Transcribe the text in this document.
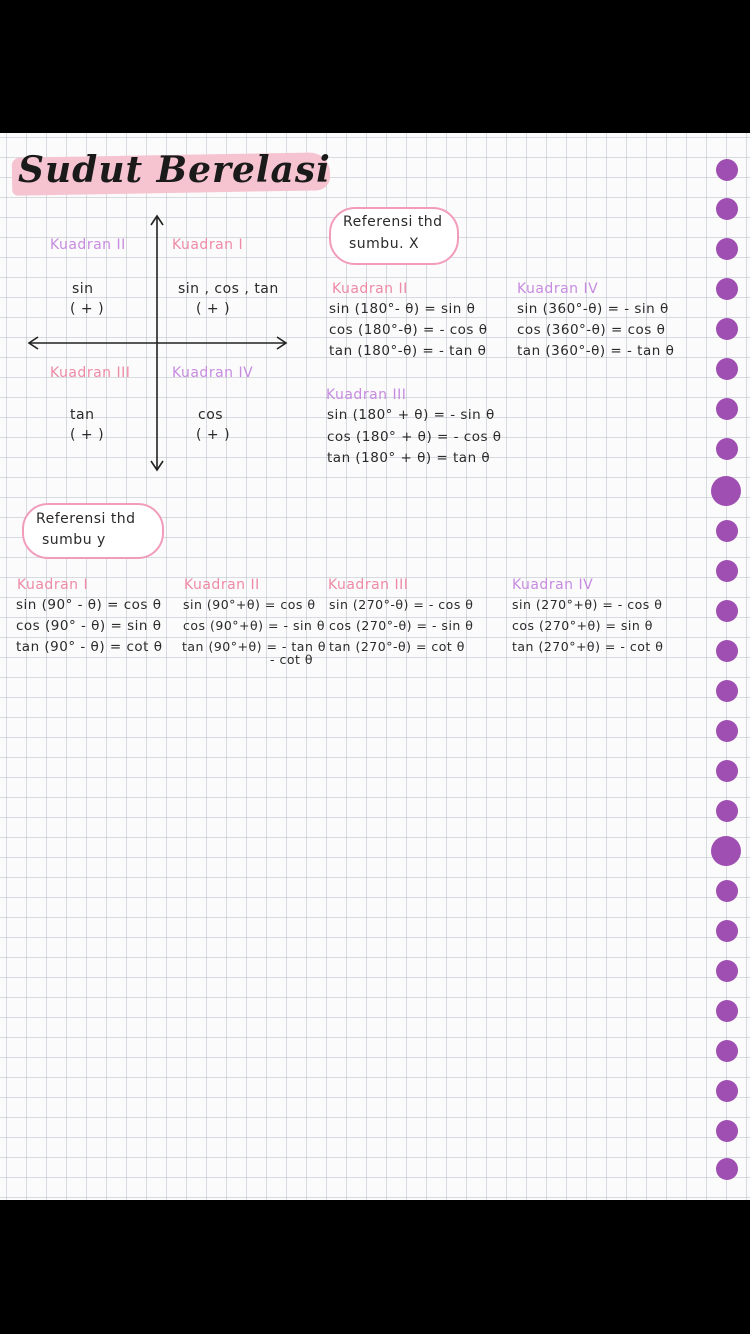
Sudut Berelasi
Kuadran II	Kuadran I
sin
( + )
sin , cos , tan
( + )
Kuadran III	Kuadran IV
tan
( + )
cos
( + )
Referensi thd
sumbu. X
Kuadran II
sin (180°- θ) = sin θ
cos (180°-θ) = - cos θ
tan (180°-θ) = - tan θ
Kuadran IV
sin (360°-θ) = - sin θ
cos (360°-θ) = cos θ
tan (360°-θ) = - tan θ
Kuadran III
sin (180° + θ) = - sin θ
cos (180° + θ) = - cos θ
tan (180° + θ) = tan θ
Referensi thd
sumbu y
Kuadran I
sin (90° - θ) = cos θ
cos (90° - θ) = sin θ
tan (90° - θ) = cot θ
Kuadran II
sin (90°+θ) = cos θ
cos (90°+θ) = - sin θ
tan (90°+θ) = - tan θ
- cot θ
Kuadran III
sin (270°-θ) = - cos θ
cos (270°-θ) = - sin θ
tan (270°-θ) = cot θ
Kuadran IV
sin (270°+θ) = - cos θ
cos (270°+θ) = sin θ
tan (270°+θ) = - cot θ
